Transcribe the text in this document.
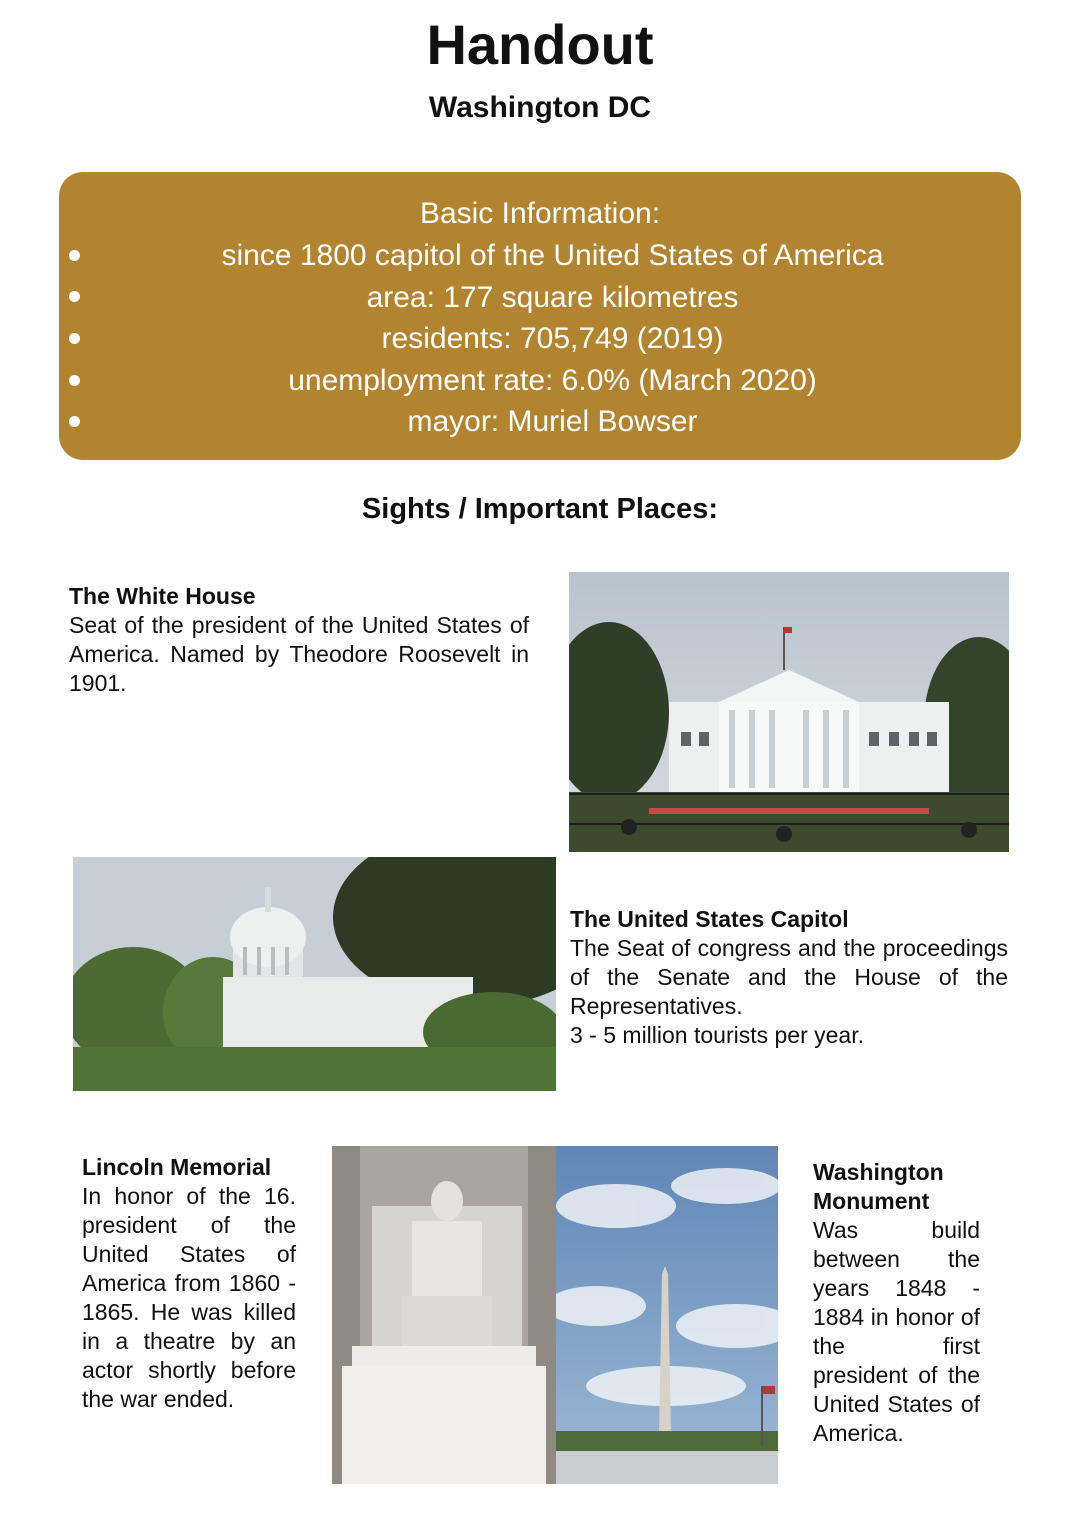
Handout
Washington DC
Basic Information:
since 1800 capitol of the United States of America
area: 177 square kilometres
residents: 705,749 (2019)
unemployment rate: 6.0% (March 2020)
mayor: Muriel Bowser
Sights / Important Places:
The White House
Seat of the president of the United States of America. Named by Theodore Roosevelt in 1901.
The United States Capitol
The Seat of congress and the proceedings of the Senate and the House of the Representatives.
3 - 5 million tourists per year.
Lincoln Memorial
In honor of the 16. president of the United States of America from 1860 - 1865. He was killed in a theatre by an actor shortly before the war ended.
Washington Monument
Was build between the years 1848 - 1884 in honor of the first president of the United States of America.
